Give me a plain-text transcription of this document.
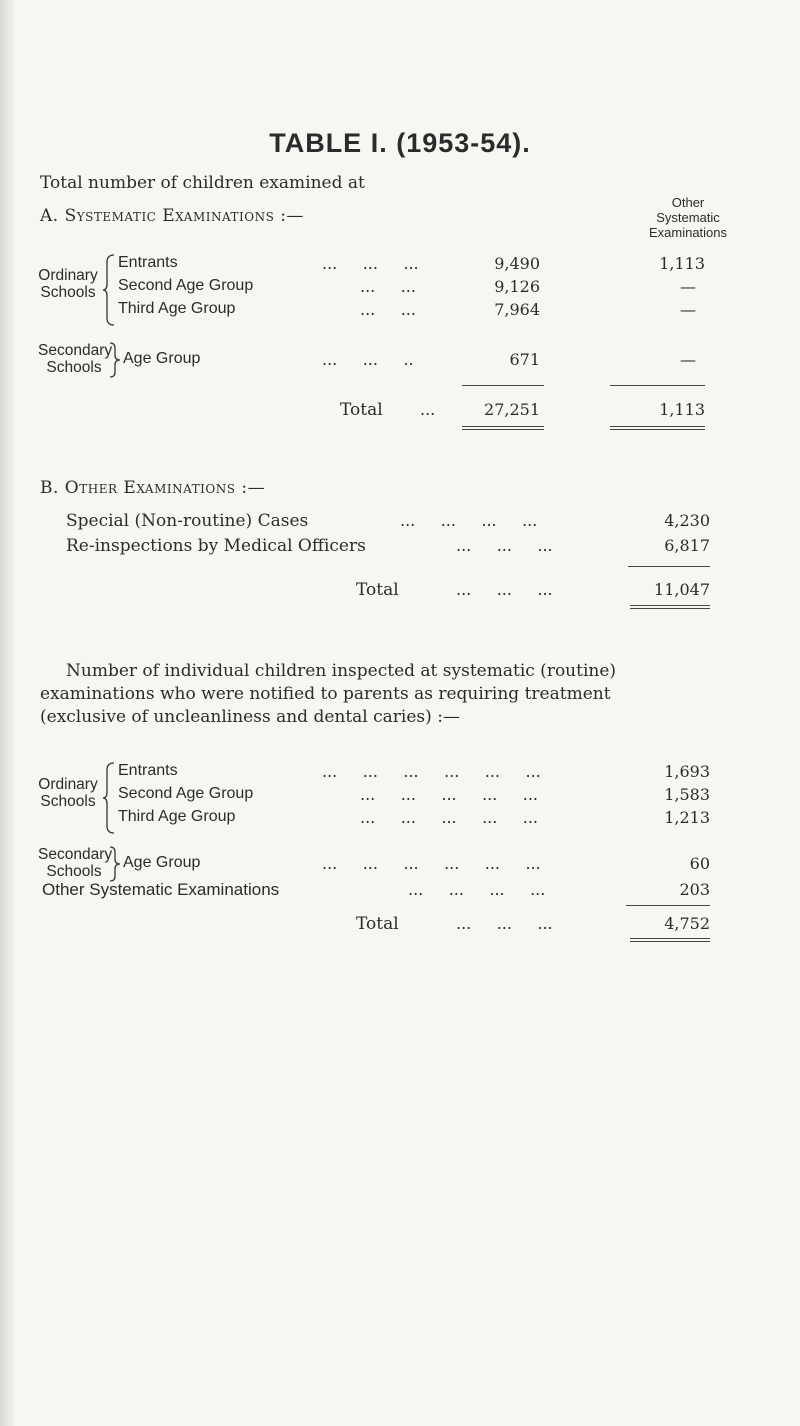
TABLE I. (1953-54).
Total number of children examined at
A. Systematic Examinations :—
Other
Systematic
Examinations
Ordinary
Schools
Entrants	...     ...     ...	9,490	1,113
Second Age Group	...     ...	9,126	—
Third Age Group	...     ...	7,964	—
Secondary
Schools
Age Group	...     ...     ..	671	—
Total ...	27,251	1,113
B. Other Examinations :—
Special (Non-routine) Cases	...     ...     ...     ...	4,230
Re-inspections by Medical Officers	...     ...     ...	6,817
Total	...     ...     ...	11,047
Number of individual children inspected at systematic (routine)
examinations who were notified to parents as requiring treatment
(exclusive of uncleanliness and dental caries) :—
Ordinary
Schools
Entrants	...     ...     ...     ...     ...     ...	1,693
Second Age Group	...     ...     ...     ...     ...	1,583
Third Age Group	...     ...     ...     ...     ...	1,213
Secondary
Schools
Age Group	...     ...     ...     ...     ...     ...	60
Other Systematic Examinations	...     ...     ...     ...	203
Total	...     ...     ...	4,752
